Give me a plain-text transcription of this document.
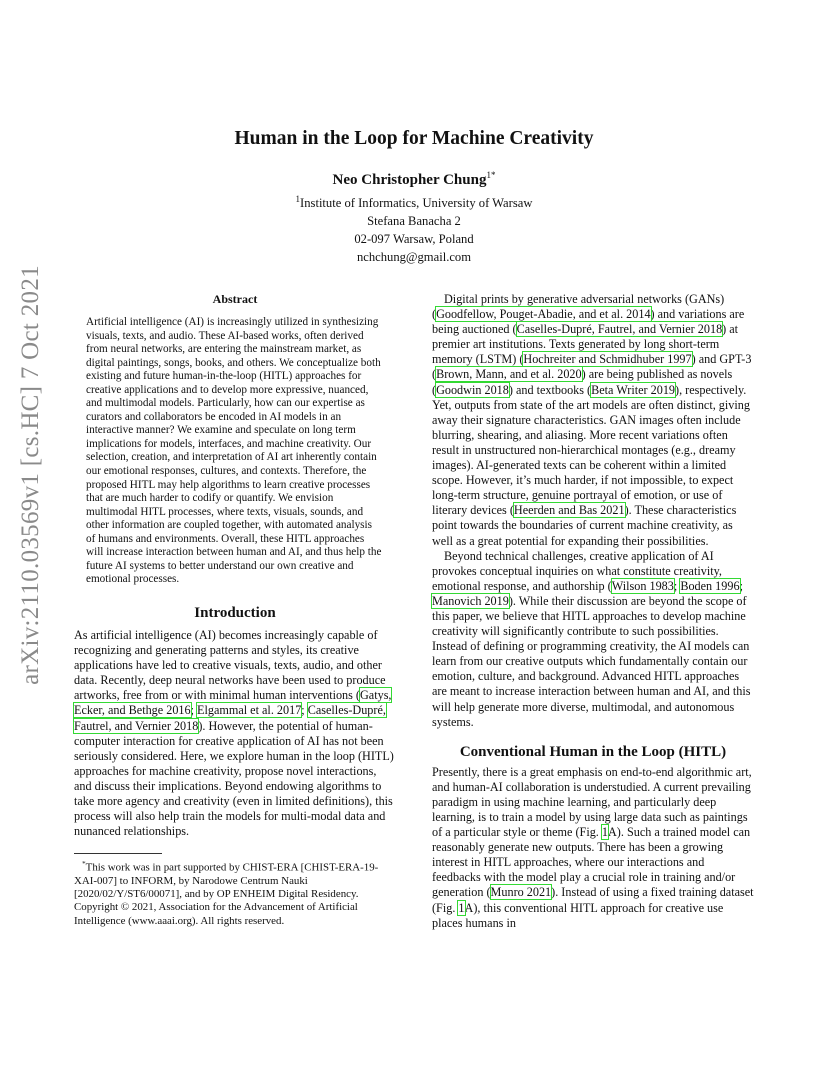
arXiv:2110.03569v1 [cs.HC] 7 Oct 2021
Human in the Loop for Machine Creativity
Neo Christopher Chung$^{1*}$
$^1$Institute of Informatics, University of Warsaw
Stefana Banacha 2
02-097 Warsaw, Poland
nchchung@gmail.com
Abstract

Artificial intelligence (AI) is increasingly utilized in synthesizing visuals, texts, and audio. These AI-based works, often derived from neural networks, are entering the mainstream market, as digital paintings, songs, books, and others. We conceptualize both existing and future human-in-the-loop (HITL) approaches for creative applications and to develop more expressive, nuanced, and multimodal models. Particularly, how can our expertise as curators and collaborators be encoded in AI models in an interactive manner? We examine and speculate on long term implications for models, interfaces, and machine creativity. Our selection, creation, and interpretation of AI art inherently contain our emotional responses, cultures, and contexts. Therefore, the proposed HITL may help algorithms to learn creative processes that are much harder to codify or quantify. We envision multimodal HITL processes, where texts, visuals, sounds, and other information are coupled together, with automated analysis of humans and environments. Overall, these HITL approaches will increase interaction between human and AI, and thus help the future AI systems to better understand our own creative and emotional processes.

Introduction

As artificial intelligence (AI) becomes increasingly capable of recognizing and generating patterns and styles, its creative applications have led to creative visuals, texts, audio, and other data. Recently, deep neural networks have been used to produce artworks, free from or with minimal human interventions (Gatys, Ecker, and Bethge 2016; Elgammal et al. 2017; Caselles-Dupré, Fautrel, and Vernier 2018). However, the potential of human-computer interaction for creative application of AI has not been seriously considered. Here, we explore human in the loop (HITL) approaches for machine creativity, propose novel interactions, and discuss their implications. Beyond endowing algorithms to take more agency and creativity (even in limited definitions), this process will also help train the models for multi-modal data and nunanced relationships.

*This work was in part supported by CHIST-ERA [CHIST-ERA-19-XAI-007] to INFORM, by Narodowe Centrum Nauki [2020/02/Y/ST6/00071], and by OP ENHEIM Digital Residency.

Copyright © 2021, Association for the Advancement of Artificial Intelligence (www.aaai.org). All rights reserved.

Digital prints by generative adversarial networks (GANs) (Goodfellow, Pouget-Abadie, and et al. 2014) and variations are being auctioned (Caselles-Dupré, Fautrel, and Vernier 2018) at premier art institutions. Texts generated by long short-term memory (LSTM) (Hochreiter and Schmidhuber 1997) and GPT-3 (Brown, Mann, and et al. 2020) are being published as novels (Goodwin 2018) and textbooks (Beta Writer 2019), respectively. Yet, outputs from state of the art models are often distinct, giving away their signature characteristics. GAN images often include blurring, shearing, and aliasing. More recent variations often result in unstructured non-hierarchical montages (e.g., dreamy images). AI-generated texts can be coherent within a limited scope. However, it’s much harder, if not impossible, to expect long-term structure, genuine portrayal of emotion, or use of literary devices (Heerden and Bas 2021). These characteristics point towards the boundaries of current machine creativity, as well as a great potential for expanding their possibilities.

Beyond technical challenges, creative application of AI provokes conceptual inquiries on what constitute creativity, emotional response, and authorship (Wilson 1983; Boden 1996; Manovich 2019). While their discussion are beyond the scope of this paper, we believe that HITL approaches to develop machine creativity will significantly contribute to such possibilities. Instead of defining or programming creativity, the AI models can learn from our creative outputs which fundamentally contain our emotion, culture, and background. Advanced HITL approaches are meant to increase interaction between human and AI, and this will help generate more diverse, multimodal, and autonomous systems.

Conventional Human in the Loop (HITL)

Presently, there is a great emphasis on end-to-end algorithmic art, and human-AI collaboration is understudied. A current prevailing paradigm in using machine learning, and particularly deep learning, is to train a model by using large data such as paintings of a particular style or theme (Fig. 1A). Such a trained model can reasonably generate new outputs. There has been a growing interest in HITL approaches, where our interactions and feedbacks with the model play a crucial role in training and/or generation (Munro 2021). Instead of using a fixed training dataset (Fig. 1A), this conventional HITL approach for creative use places humans in
